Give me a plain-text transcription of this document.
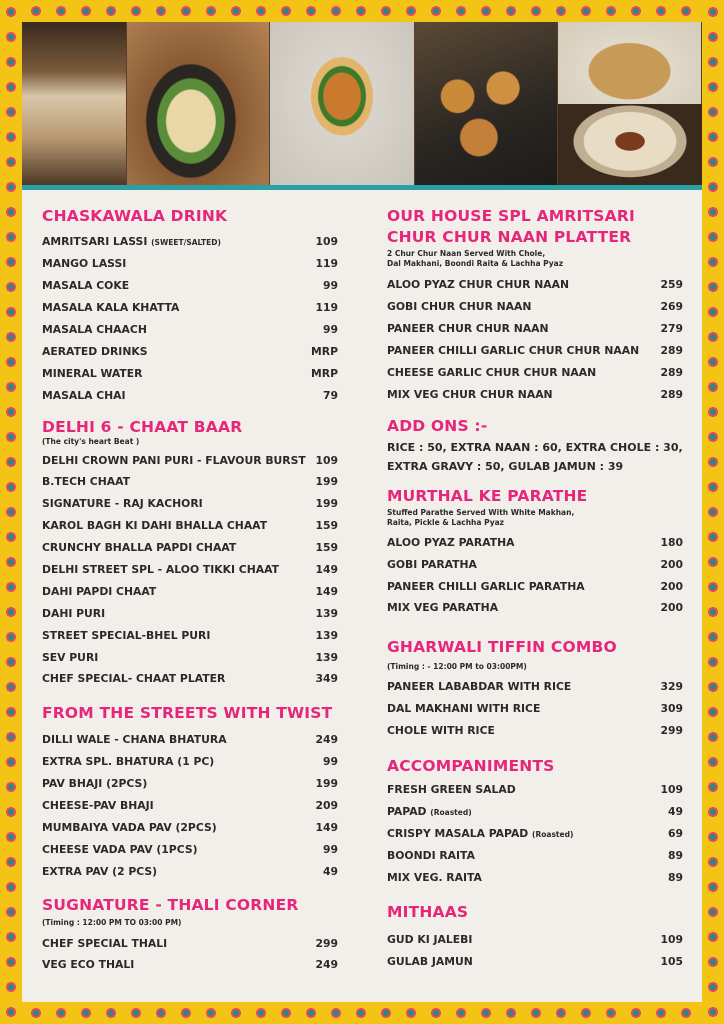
CHASKAWALA DRINK
AMRITSARI LASSI (SWEET/SALTED)	109
MANGO LASSI	119
MASALA COKE	99
MASALA KALA KHATTA	119
MASALA CHAACH	99
AERATED DRINKS	MRP
MINERAL WATER	MRP
MASALA CHAI	79
DELHI 6 - CHAAT BAAR
(The city's heart Beat )
DELHI CROWN PANI PURI - FLAVOUR BURST 109
B.TECH CHAAT	199
SIGNATURE - RAJ KACHORI	199
KAROL BAGH KI DAHI BHALLA CHAAT	159
CRUNCHY BHALLA PAPDI CHAAT	159
DELHI STREET SPL - ALOO TIKKI CHAAT	149
DAHI PAPDI CHAAT	149
DAHI PURI	139
STREET SPECIAL-BHEL PURI	139
SEV PURI	139
CHEF SPECIAL- CHAAT PLATER	349
FROM THE STREETS WITH TWIST
DILLI WALE - CHANA BHATURA	249
EXTRA SPL. BHATURA (1 PC)	99
PAV BHAJI (2PCS)	199
CHEESE-PAV BHAJI	209
MUMBAIYA VADA PAV (2PCS)	149
CHEESE VADA PAV (1PCS)	99
EXTRA PAV (2 PCS)	49
SUGNATURE - THALI CORNER
(Timing : 12:00 PM TO 03:00 PM)
CHEF SPECIAL THALI	299
VEG ECO THALI	249
OUR HOUSE SPL AMRITSARI
CHUR CHUR NAAN PLATTER
2 Chur Chur Naan Served With Chole,
Dal Makhani, Boondi Raita & Lachha Pyaz
ALOO PYAZ CHUR CHUR NAAN	259
GOBI CHUR CHUR NAAN	269
PANEER CHUR CHUR NAAN	279
PANEER CHILLI GARLIC CHUR CHUR NAAN 289
CHEESE GARLIC CHUR CHUR NAAN	289
MIX VEG CHUR CHUR NAAN	289
ADD ONS :-
RICE : 50, EXTRA NAAN : 60, EXTRA CHOLE : 30,
EXTRA GRAVY : 50, GULAB JAMUN : 39
MURTHAL KE PARATHE
Stuffed Parathe Served With White Makhan,
Raita, Pickle & Lachha Pyaz
ALOO PYAZ PARATHA	180
GOBI PARATHA	200
PANEER CHILLI GARLIC PARATHA	200
MIX VEG PARATHA	200
GHARWALI TIFFIN COMBO
(Timing : - 12:00 PM to 03:00PM)
PANEER LABABDAR WITH RICE	329
DAL MAKHANI WITH RICE	309
CHOLE WITH RICE	299
ACCOMPANIMENTS
FRESH GREEN SALAD	109
PAPAD (Roasted)	49
CRISPY MASALA PAPAD (Roasted)	69
BOONDI RAITA	89
MIX VEG. RAITA	89
MITHAAS
GUD KI JALEBI	109
GULAB JAMUN	105
